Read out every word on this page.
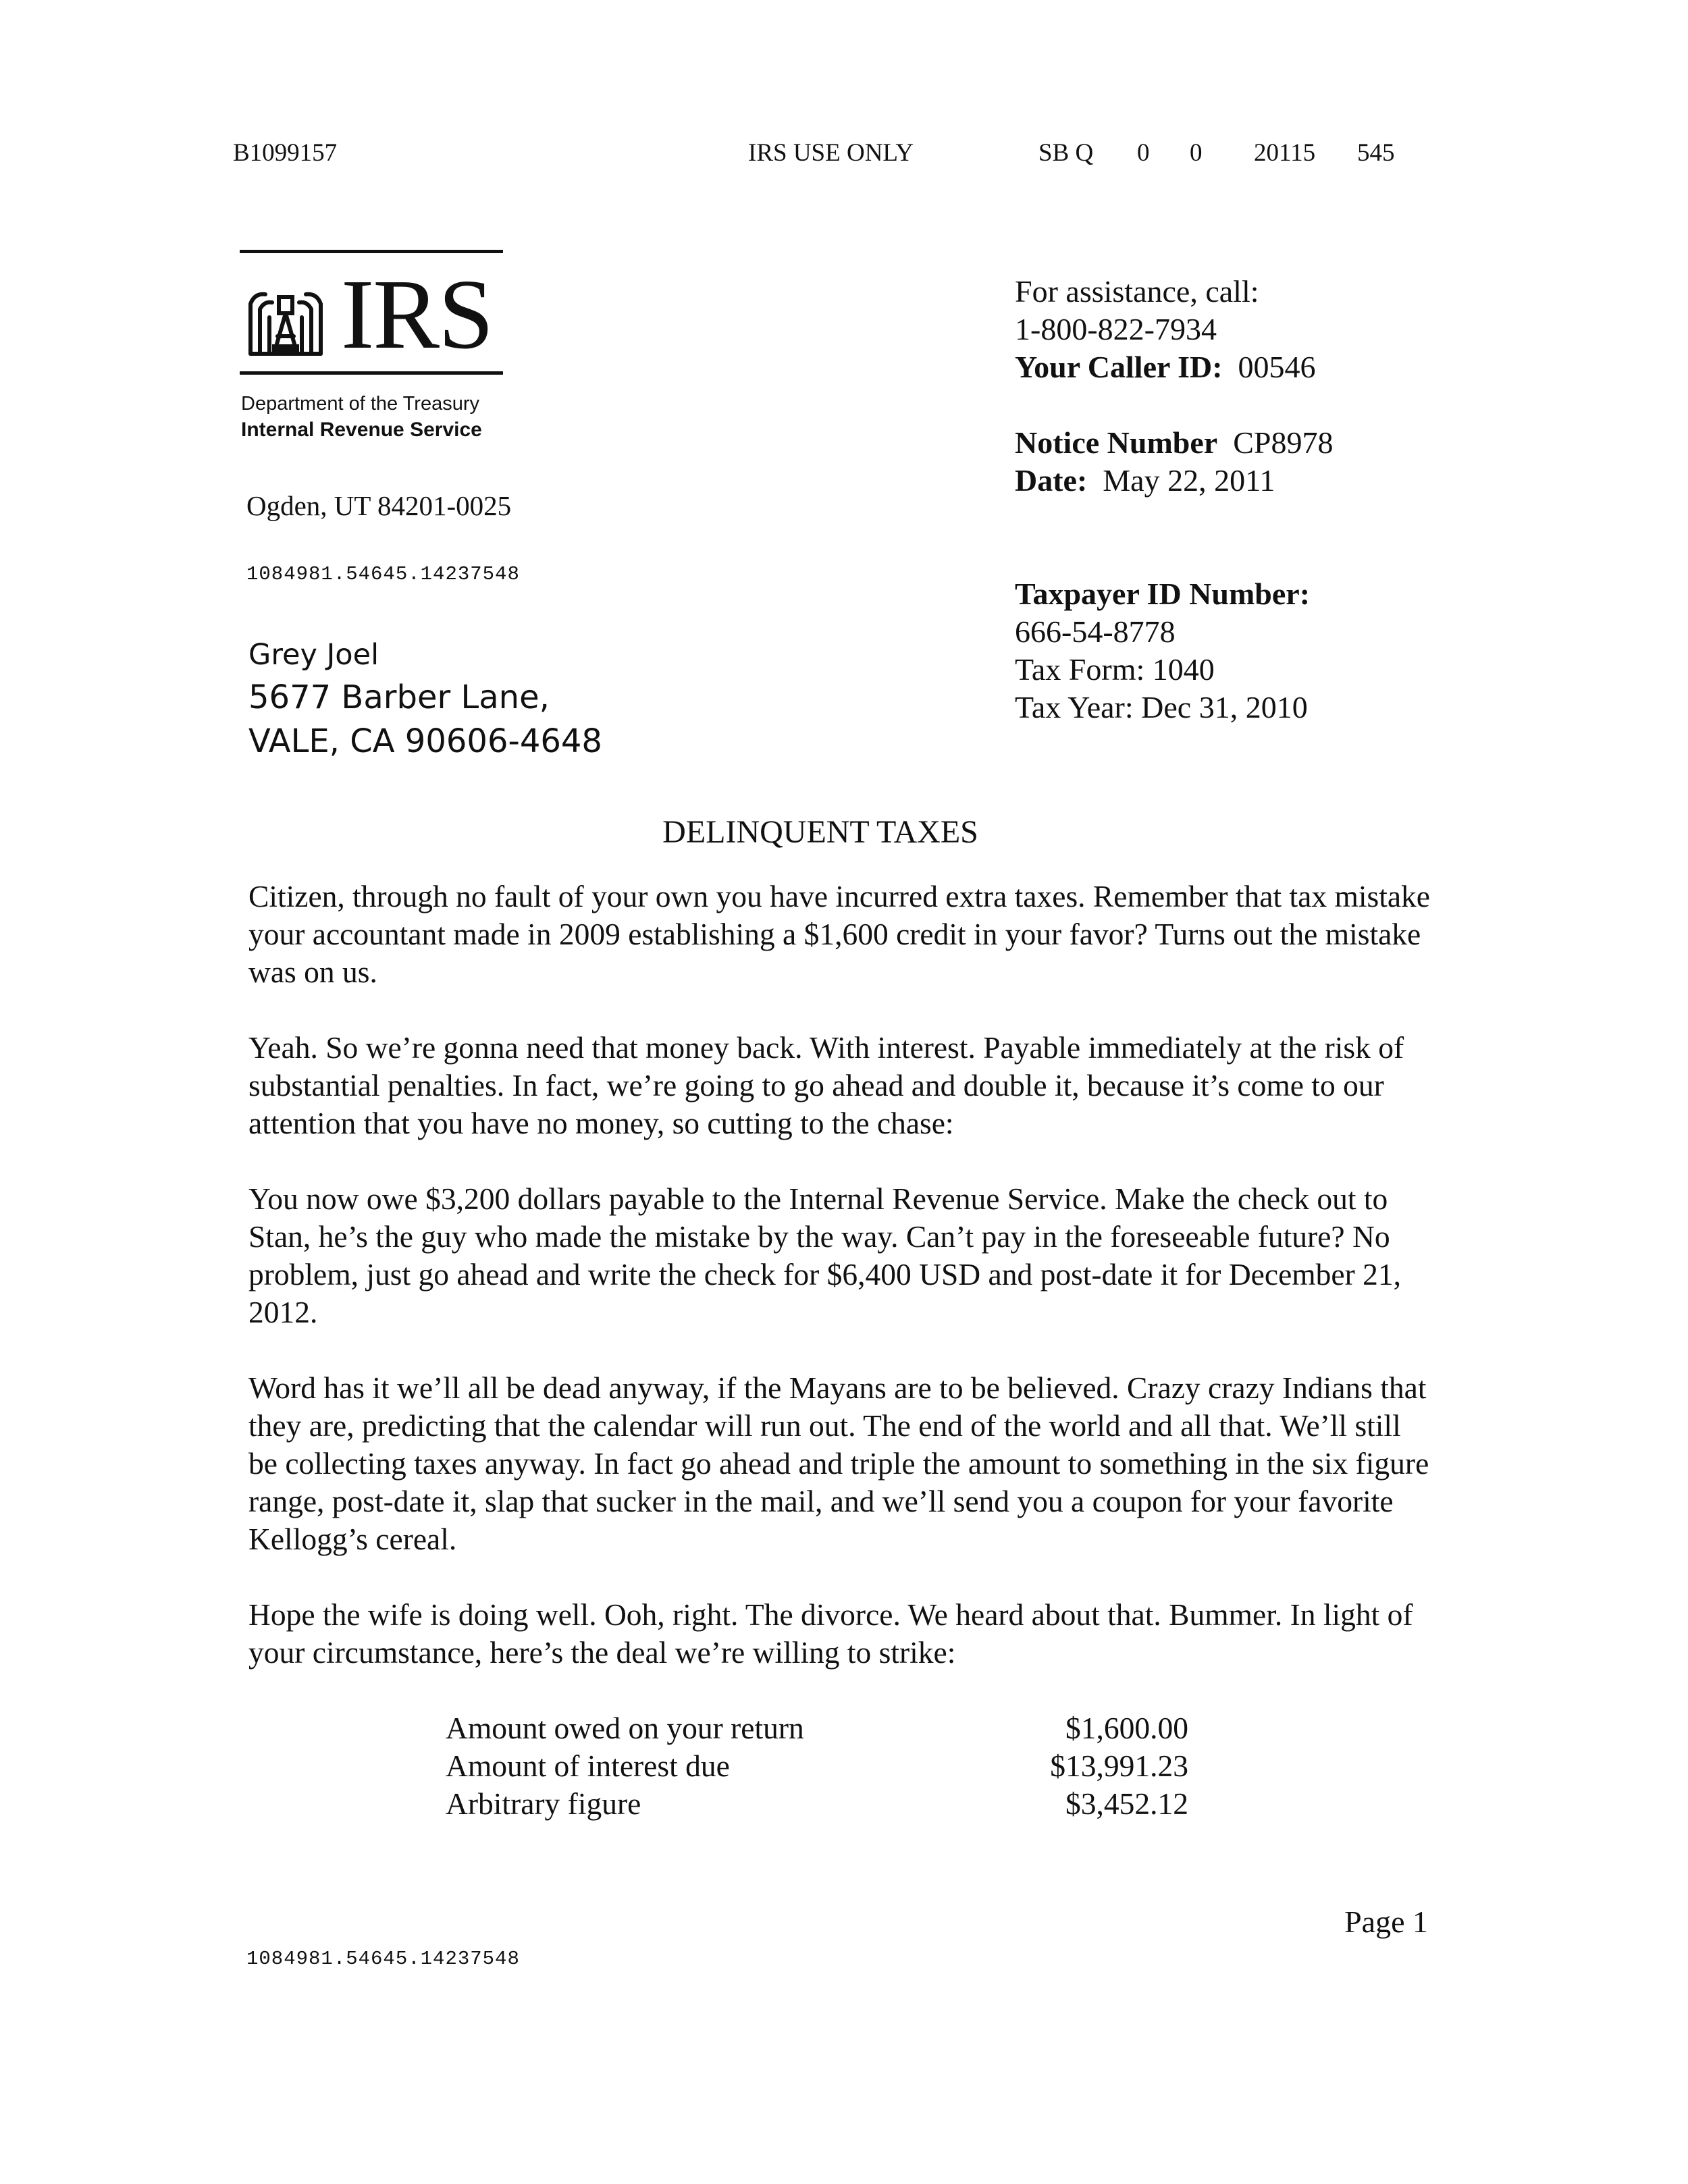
B1099157	IRS USE ONLY	SB Q 0 0 20115 545
IRS
Department of the Treasury
Internal Revenue Service
Ogden, UT 84201-0025
1084981.54645.14237548
Grey Joel
5677 Barber Lane,
VALE, CA 90606-4648
For assistance, call:
1-800-822-7934
Your Caller ID: 00546
Notice Number CP8978
Date: May 22, 2011
Taxpayer ID Number:
666-54-8778
Tax Form: 1040
Tax Year: Dec 31, 2010
DELINQUENT TAXES

Citizen, through no fault of your own you have incurred extra taxes. Remember that tax mistake your accountant made in 2009 establishing a $1,600 credit in your favor? Turns out the mistake was on us.

Yeah. So we’re gonna need that money back. With interest. Payable immediately at the risk of substantial penalties. In fact, we’re going to go ahead and double it, because it’s come to our attention that you have no money, so cutting to the chase:

You now owe $3,200 dollars payable to the Internal Revenue Service. Make the check out to Stan, he’s the guy who made the mistake by the way. Can’t pay in the foreseeable future? No problem, just go ahead and write the check for $6,400 USD and post-date it for December 21, 2012.

Word has it we’ll all be dead anyway, if the Mayans are to be believed. Crazy crazy Indians that they are, predicting that the calendar will run out. The end of the world and all that. We’ll still be collecting taxes anyway. In fact go ahead and triple the amount to something in the six figure range, post-date it, slap that sucker in the mail, and we’ll send you a coupon for your favorite Kellogg’s cereal.

Hope the wife is doing well. Ooh, right. The divorce. We heard about that. Bummer. In light of your circumstance, here’s the deal we’re willing to strike:

Amount owed on your return	$1,600.00
Amount of interest due	$13,991.23
Arbitrary figure	$3,452.12
1084981.54645.14237548
Page 1
